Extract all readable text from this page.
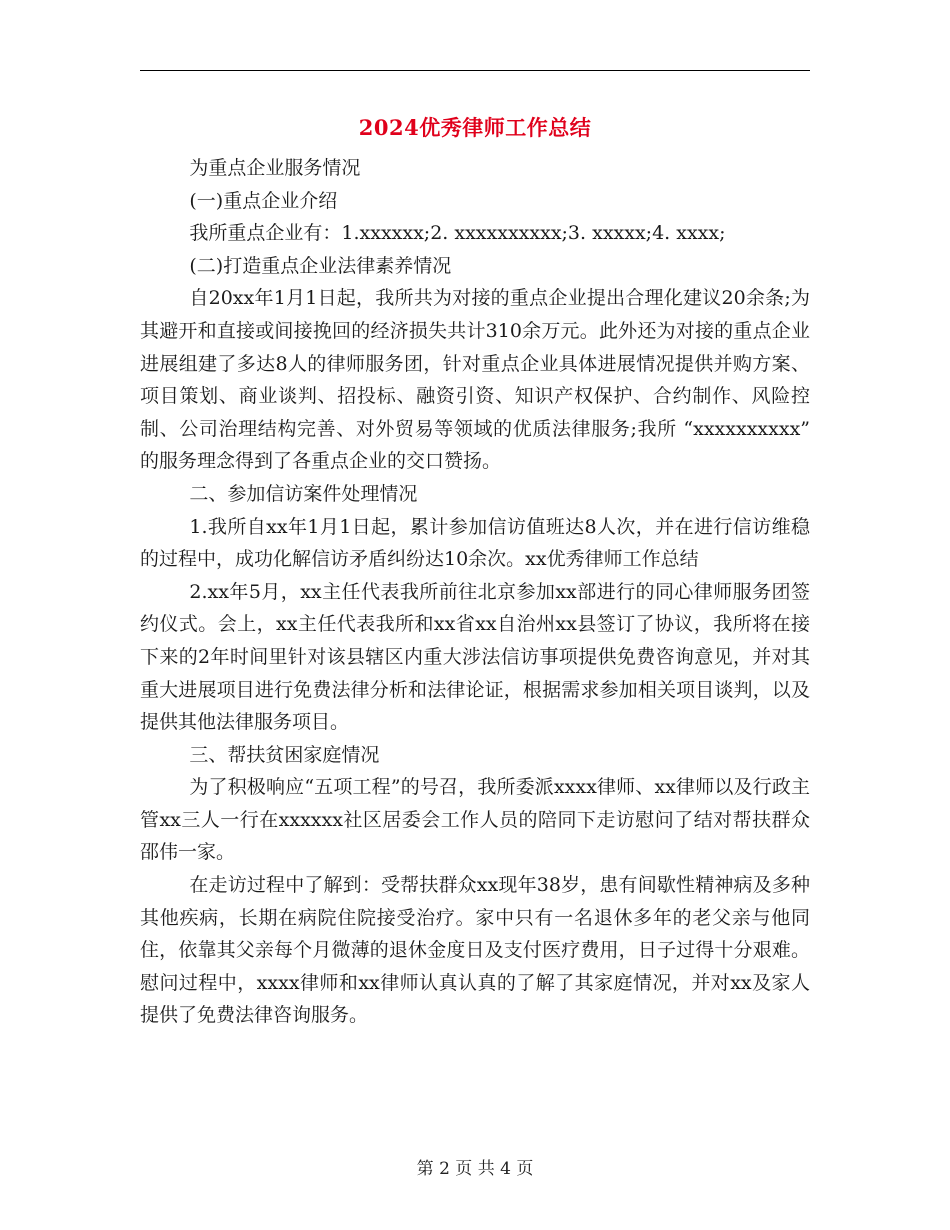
2024优秀律师工作总结

为重点企业服务情况

(一)重点企业介绍

我所重点企业有：1.xxxxxx;2. xxxxxxxxxx;3. xxxxx;4. xxxx;

(二)打造重点企业法律素养情况

自20xx年1月1日起，我所共为对接的重点企业提出合理化建议20余条;为其避开和直接或间接挽回的经济损失共计310余万元。此外还为对接的重点企业进展组建了多达8人的律师服务团，针对重点企业具体进展情况提供并购方案、项目策划、商业谈判、招投标、融资引资、知识产权保护、合约制作、风险控制、公司治理结构完善、对外贸易等领域的优质法律服务;我所 “xxxxxxxxxx” 的服务理念得到了各重点企业的交口赞扬。

二、参加信访案件处理情况

1.我所自xx年1月1日起，累计参加信访值班达8人次，并在进行信访维稳的过程中，成功化解信访矛盾纠纷达10余次。xx优秀律师工作总结

2.xx年5月，xx主任代表我所前往北京参加xx部进行的同心律师服务团签约仪式。会上，xx主任代表我所和xx省xx自治州xx县签订了协议，我所将在接下来的2年时间里针对该县辖区内重大涉法信访事项提供免费咨询意见，并对其重大进展项目进行免费法律分析和法律论证，根据需求参加相关项目谈判，以及提供其他法律服务项目。

三、帮扶贫困家庭情况

为了积极响应“五项工程”的号召，我所委派xxxx律师、xx律师以及行政主管xx三人一行在xxxxxx社区居委会工作人员的陪同下走访慰问了结对帮扶群众邵伟一家。

在走访过程中了解到：受帮扶群众xx现年38岁，患有间歇性精神病及多种其他疾病，长期在病院住院接受治疗。家中只有一名退休多年的老父亲与他同住，依靠其父亲每个月微薄的退休金度日及支付医疗费用，日子过得十分艰难。慰问过程中，xxxx律师和xx律师认真认真的了解了其家庭情况，并对xx及家人提供了免费法律咨询服务。

第 2 页 共 4 页
